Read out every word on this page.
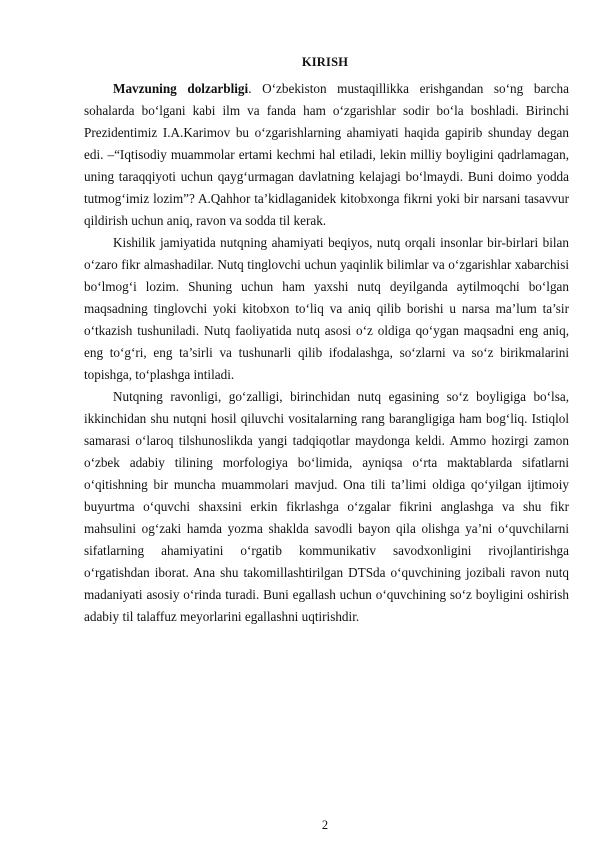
KIRISH

Mavzuning dolzarbligi. O‘zbekiston mustaqillikka erishgandan so‘ng barcha sohalarda bo‘lgani kabi ilm va fanda ham o‘zgarishlar sodir bo‘la boshladi. Birinchi Prezidentimiz I.A.Karimov bu o‘zgarishlarning ahamiyati haqida gapirib shunday degan edi. –“Iqtisodiy muammolar ertami kechmi hal etiladi, lekin milliy boyligini qadrlamagan, uning taraqqiyoti uchun qayg‘urmagan davlatning kelajagi bo‘lmaydi. Buni doimo yodda tutmog‘imiz lozim”? A.Qahhor ta’kidlaganidek kitobxonga fikrni yoki bir narsani tasavvur qildirish uchun aniq, ravon va sodda til kerak.

Kishilik jamiyatida nutqning ahamiyati beqiyos, nutq orqali insonlar bir-birlari bilan o‘zaro fikr almashadilar. Nutq tinglovchi uchun yaqinlik bilimlar va o‘zgarishlar xabarchisi bo‘lmog‘i lozim. Shuning uchun ham yaxshi nutq deyilganda aytilmoqchi bo‘lgan maqsadning tinglovchi yoki kitobxon to‘liq va aniq qilib borishi u narsa ma’lum ta’sir o‘tkazish tushuniladi. Nutq faoliyatida nutq asosi o‘z oldiga qo‘ygan maqsadni eng aniq, eng to‘g‘ri, eng ta’sirli va tushunarli qilib ifodalashga, so‘zlarni va so‘z birikmalarini topishga, to‘plashga intiladi.

Nutqning ravonligi, go‘zalligi, birinchidan nutq egasining so‘z boyligiga bo‘lsa, ikkinchidan shu nutqni hosil qiluvchi vositalarning rang barangligiga ham bog‘liq. Istiqlol samarasi o‘laroq tilshunoslikda yangi tadqiqotlar maydonga keldi. Ammo hozirgi zamon o‘zbek adabiy tilining morfologiya bo‘limida, ayniqsa o‘rta maktablarda sifatlarni o‘qitishning bir muncha muammolari mavjud. Ona tili ta’limi oldiga qo‘yilgan ijtimoiy buyurtma o‘quvchi shaxsini erkin fikrlashga o‘zgalar fikrini anglashga va shu fikr mahsulini og‘zaki hamda yozma shaklda savodli bayon qila olishga ya’ni o‘quvchilarni sifatlarning ahamiyatini o‘rgatib kommunikativ savodxonligini rivojlantirishga o‘rgatishdan iborat. Ana shu takomillashtirilgan DTSda o‘quvchining jozibali ravon nutq madaniyati asosiy o‘rinda turadi. Buni egallash uchun o‘quvchining so‘z boyligini oshirish adabiy til talaffuz meyorlarini egallashni uqtirishdir.

2
